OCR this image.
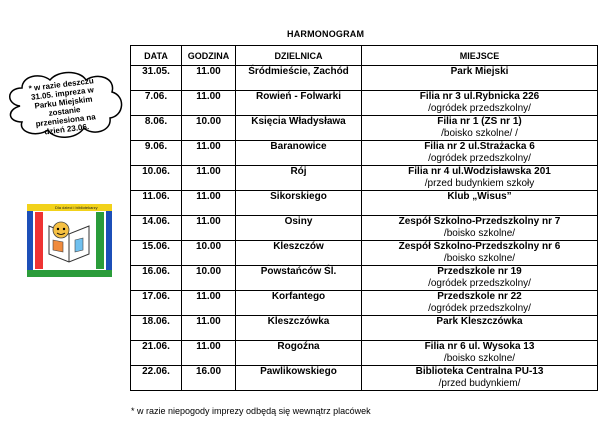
HARMONOGRAM
* w razie deszczu 31.05. impreza w Parku Miejskim zostanie przeniesiona na dzień 23.06.
Dla dzieci i bibliotekarzy
DATA	GODZINA	DZIELNICA	MIEJSCE
31.05.	11.00	Śródmieście, Zachód	Park Miejski

7.06.	11.00	Rowień - Folwarki	Filia nr 3 ul.Rybnicka 226
/ogródek przedszkolny/

8.06.	10.00	Księcia Władysława	Filia nr 1 (ZS nr 1)
/boisko szkolne/ /

9.06.	11.00	Baranowice	Filia nr 2 ul.Strażacka 6
/ogródek przedszkolny/

10.06.	11.00	Rój	Filia nr 4 ul.Wodzisławska 201
/przed budynkiem szkoły

11.06.	11.00	Sikorskiego	Klub „Wisus”

14.06.	11.00	Osiny	Zespół Szkolno-Przedszkolny nr 7
/boisko szkolne/

15.06.	10.00	Kleszczów	Zespół Szkolno-Przedszkolny nr 6
/boisko szkolne/

16.06.	10.00	Powstańców Śl.	Przedszkole nr 19
/ogródek przedszkolny/

17.06.	11.00	Korfantego	Przedszkole nr 22
/ogródek przedszkolny/

18.06.	11.00	Kleszczówka	Park Kleszczówka

21.06.	11.00	Rogoźna	Filia nr 6 ul. Wysoka 13
/boisko szkolne/

22.06.	16.00	Pawlikowskiego	Biblioteka Centralna PU-13
/przed budynkiem/
* w razie niepogody imprezy odbędą się wewnątrz placówek
